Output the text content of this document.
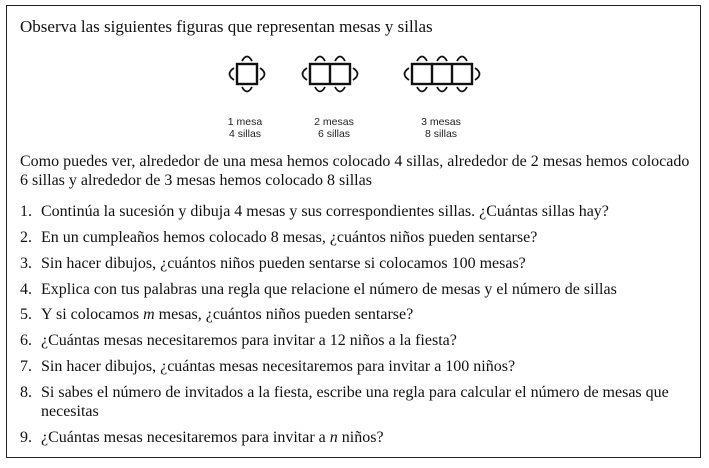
Observa las siguientes figuras que representan mesas y sillas
1 mesa
4 sillas
2 mesas
6 sillas
3 mesas
8 sillas
Como puedes ver, alrededor de una mesa hemos colocado 4 sillas, alrededor de 2 mesas hemos colocado 6 sillas y alrededor de 3 mesas hemos colocado 8 sillas
1. Continúa la sucesión y dibuja 4 mesas y sus correspondientes sillas. ¿Cuántas sillas hay?
2. En un cumpleaños hemos colocado 8 mesas, ¿cuántos niños pueden sentarse?
3. Sin hacer dibujos, ¿cuántos niños pueden sentarse si colocamos 100 mesas?
4. Explica con tus palabras una regla que relacione el número de mesas y el número de sillas
5. Y si colocamos m mesas, ¿cuántos niños pueden sentarse?
6. ¿Cuántas mesas necesitaremos para invitar a 12 niños a la fiesta?
7. Sin hacer dibujos, ¿cuántas mesas necesitaremos para invitar a 100 niños?
8. Si sabes el número de invitados a la fiesta, escribe una regla para calcular el número de mesas que necesitas
9. ¿Cuántas mesas necesitaremos para invitar a n niños?
